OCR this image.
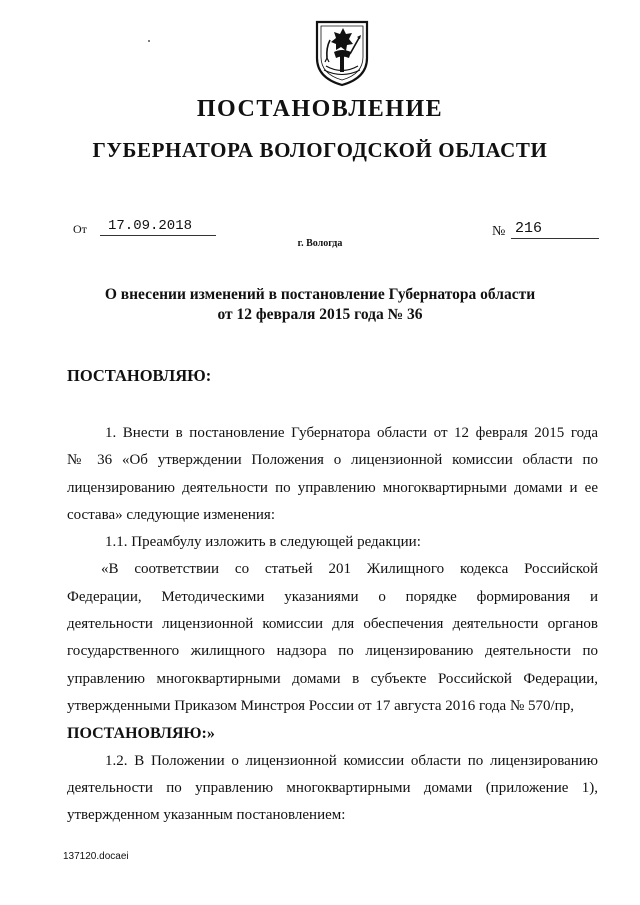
ПОСТАНОВЛЕНИЕ
ГУБЕРНАТОРА ВОЛОГОДСКОЙ ОБЛАСТИ
От	17.09.2018
г. Вологда
№ 216
О внесении изменений в постановление Губернатора области
от 12 февраля 2015 года № 36
ПОСТАНОВЛЯЮ:
1. Внести в постановление Губернатора области от 12 февраля 2015 года
№ 36 «Об утверждении Положения о лицензионной комиссии области по
лицензированию деятельности по управлению многоквартирными домами и ее
состава» следующие изменения:
1.1. Преамбулу изложить в следующей редакции:
«В соответствии со статьей 201 Жилищного кодекса Российской
Федерации, Методическими указаниями о порядке формирования и
деятельности лицензионной комиссии для обеспечения деятельности органов
государственного жилищного надзора по лицензированию деятельности по
управлению многоквартирными домами в субъекте Российской Федерации,
утвержденными Приказом Минстроя России от 17 августа 2016 года № 570/пр,
ПОСТАНОВЛЯЮ:»
1.2. В Положении о лицензионной комиссии области по лицензированию
деятельности по управлению многоквартирными домами (приложение 1),
утвержденном указанным постановлением:
137120.docaei
